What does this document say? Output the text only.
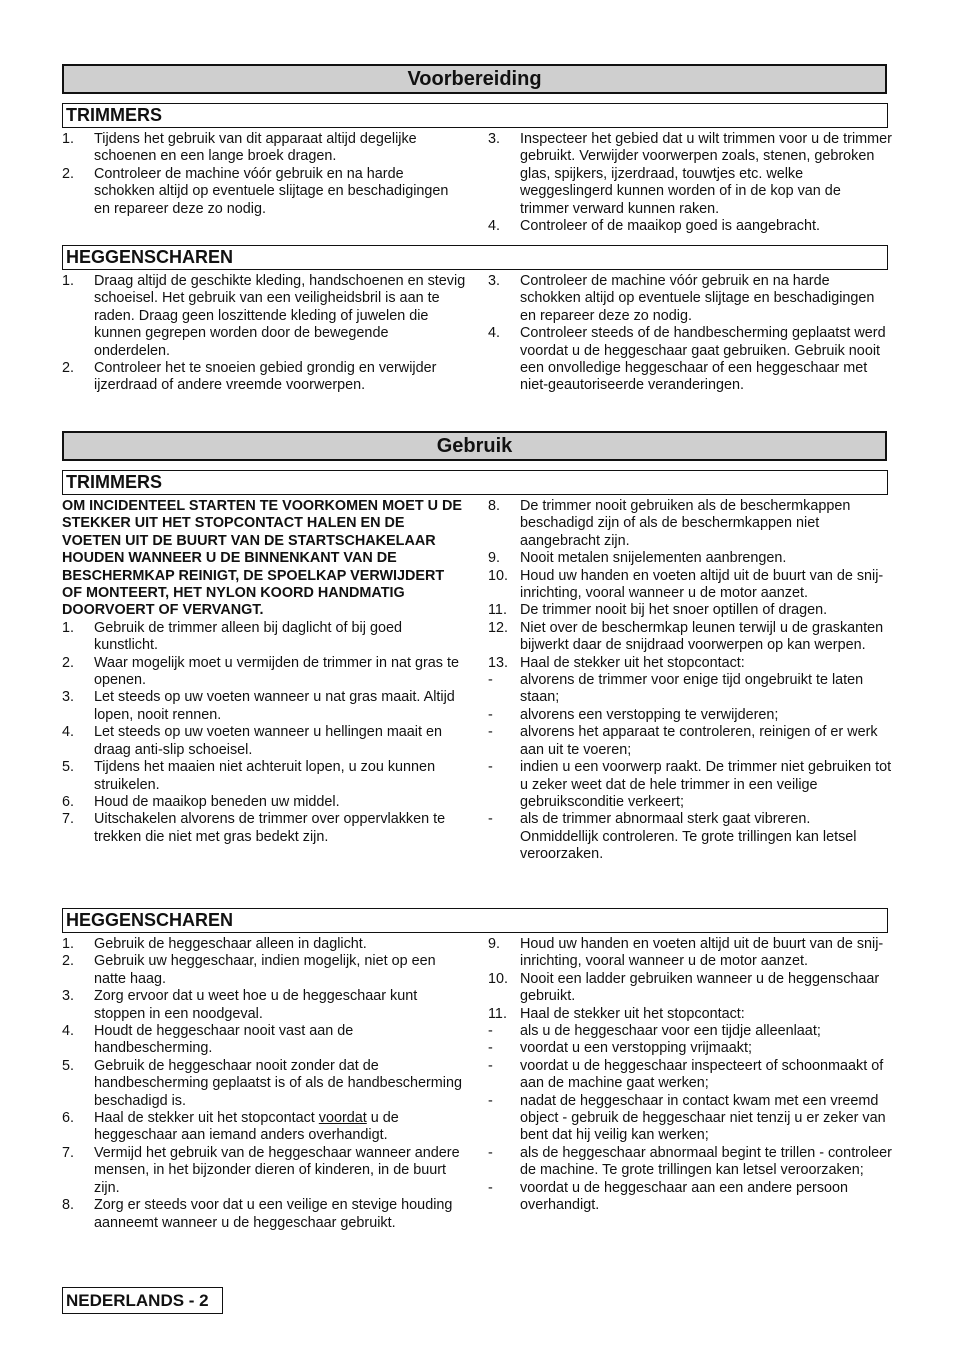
Voorbereiding
TRIMMERS
1.	Tijdens het gebruik van dit apparaat altijd degelijke schoenen en een lange broek dragen.
2.	Controleer de machine vóór gebruik en na harde schokken altijd op eventuele slijtage en beschadigingen en repareer deze zo nodig.
3.	Inspecteer het gebied dat u wilt trimmen voor u de trimmer gebruikt. Verwijder voorwerpen zoals, stenen, gebroken glas, spijkers, ijzerdraad, touwtjes etc. welke weggeslingerd kunnen worden of in de kop van de trimmer verward kunnen raken.
4.	Controleer of de maaikop goed is aangebracht.
HEGGENSCHAREN
1.	Draag altijd de geschikte kleding, handschoenen en stevig schoeisel. Het gebruik van een veiligheidsbril is aan te raden. Draag geen loszittende kleding of juwelen die kunnen gegrepen worden door de bewegende onderdelen.
2.	Controleer het te snoeien gebied grondig en verwijder ijzerdraad of andere vreemde voorwerpen.
3.	Controleer de machine vóór gebruik en na harde schokken altijd op eventuele slijtage en beschadigingen en repareer deze zo nodig.
4.	Controleer steeds of de handbescherming geplaatst werd voordat u de heggeschaar gaat gebruiken. Gebruik nooit een onvolledige heggeschaar of een heggeschaar met niet-geautoriseerde veranderingen.
Gebruik
TRIMMERS
OM INCIDENTEEL STARTEN TE VOORKOMEN MOET U DE STEKKER UIT HET STOPCONTACT HALEN EN DE VOETEN UIT DE BUURT VAN DE STARTSCHAKELAAR HOUDEN WANNEER U DE BINNENKANT VAN DE BESCHERMKAP REINIGT, DE SPOELKAP VERWIJDERT OF MONTEERT, HET NYLON KOORD HANDMATIG DOORVOERT OF VERVANGT.
1.	Gebruik de trimmer alleen bij daglicht of bij goed kunstlicht.
2.	Waar mogelijk moet u vermijden de trimmer in nat gras te openen.
3.	Let steeds op uw voeten wanneer u nat gras maait. Altijd lopen, nooit rennen.
4.	Let steeds op uw voeten wanneer u hellingen maait en draag anti-slip schoeisel.
5.	Tijdens het maaien niet achteruit lopen, u zou kunnen struikelen.
6.	Houd de maaikop beneden uw middel.
7.	Uitschakelen alvorens de trimmer over oppervlakken te trekken die niet met gras bedekt zijn.
8.	De trimmer nooit gebruiken als de beschermkappen beschadigd zijn of als de beschermkappen niet aangebracht zijn.
9.	Nooit metalen snijelementen aanbrengen.
10. Houd uw handen en voeten altijd uit de buurt van de snij-inrichting, vooral wanneer u de motor aanzet.
11. De trimmer nooit bij het snoer optillen of dragen.
12. Niet over de beschermkap leunen terwijl u de graskanten bijwerkt daar de snijdraad voorwerpen op kan werpen.
13. Haal de stekker uit het stopcontact:
-	alvorens de trimmer voor enige tijd ongebruikt te laten staan;
-	alvorens een verstopping te verwijderen;
-	alvorens het apparaat te controleren, reinigen of er werk aan uit te voeren;
-	indien u een voorwerp raakt. De trimmer niet gebruiken tot u zeker weet dat de hele trimmer in een veilige gebruiksconditie verkeert;
-	als de trimmer abnormaal sterk gaat vibreren. Onmiddellijk controleren. Te grote trillingen kan letsel veroorzaken.
HEGGENSCHAREN
1.	Gebruik de heggeschaar alleen in daglicht.
2.	Gebruik uw heggeschaar, indien mogelijk, niet op een natte haag.
3.	Zorg ervoor dat u weet hoe u de heggeschaar kunt stoppen in een noodgeval.
4.	Houdt de heggeschaar nooit vast aan de handbescherming.
5.	Gebruik de heggeschaar nooit zonder dat de handbescherming geplaatst is of als de handbescherming beschadigd is.
6.	Haal de stekker uit het stopcontact voordat u de heggeschaar aan iemand anders overhandigt.
7.	Vermijd het gebruik van de heggeschaar wanneer andere mensen, in het bijzonder dieren of kinderen, in de buurt zijn.
8.	Zorg er steeds voor dat u een veilige en stevige houding aanneemt wanneer u de heggeschaar gebruikt.
9.	Houd uw handen en voeten altijd uit de buurt van de snij-inrichting, vooral wanneer u de motor aanzet.
10. Nooit een ladder gebruiken wanneer u de heggenschaar gebruikt.
11. Haal de stekker uit het stopcontact:
-	als u de heggeschaar voor een tijdje alleenlaat;
-	voordat u een verstopping vrijmaakt;
-	voordat u de heggeschaar inspecteert of schoonmaakt of aan de machine gaat werken;
-	nadat de heggeschaar in contact kwam met een vreemd object - gebruik de heggeschaar niet tenzij u er zeker van bent dat hij veilig kan werken;
-	als de heggeschaar abnormaal begint te trillen - controleer de machine. Te grote trillingen kan letsel veroorzaken;
-	voordat u de heggeschaar aan een andere persoon overhandigt.
NEDERLANDS - 2
